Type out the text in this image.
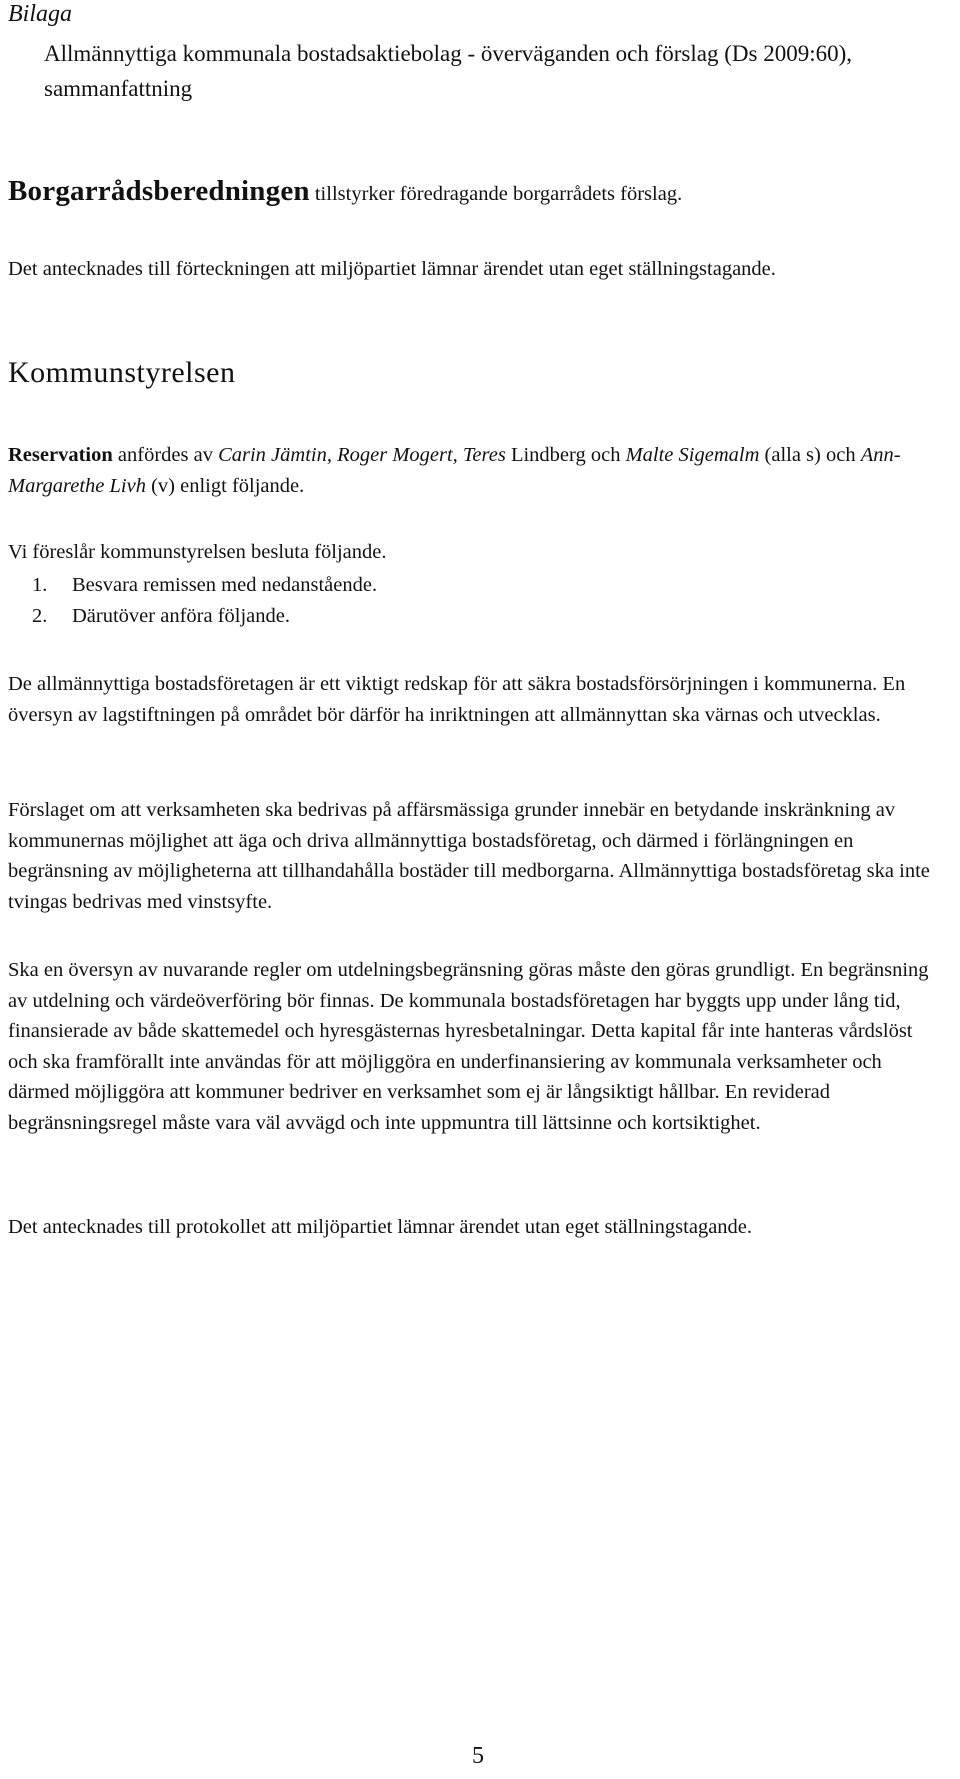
Bilaga
Allmännyttiga kommunala bostadsaktiebolag - överväganden och förslag (Ds 2009:60), sammanfattning

Borgarrådsberedningen tillstyrker föredragande borgarrådets förslag.

Det antecknades till förteckningen att miljöpartiet lämnar ärendet utan eget ställningstagande.

Kommunstyrelsen

Reservation anfördes av Carin Jämtin, Roger Mogert, Teres Lindberg och Malte Sigemalm (alla s) och Ann-Margarethe Livh (v) enligt följande.

Vi föreslår kommunstyrelsen besluta följande.

1. Besvara remissen med nedanstående.
2. Därutöver anföra följande.

De allmännyttiga bostadsföretagen är ett viktigt redskap för att säkra bostadsförsörjningen i kommunerna. En översyn av lagstiftningen på området bör därför ha inriktningen att allmännyttan ska värnas och utvecklas.

Förslaget om att verksamheten ska bedrivas på affärsmässiga grunder innebär en betydande inskränkning av kommunernas möjlighet att äga och driva allmännyttiga bostadsföretag, och därmed i förlängningen en begränsning av möjligheterna att tillhandahålla bostäder till medborgarna. Allmännyttiga bostadsföretag ska inte tvingas bedrivas med vinstsyfte.

Ska en översyn av nuvarande regler om utdelningsbegränsning göras måste den göras grundligt. En begränsning av utdelning och värdeöverföring bör finnas. De kommunala bostadsföretagen har byggts upp under lång tid, finansierade av både skattemedel och hyresgästernas hyresbetalningar. Detta kapital får inte hanteras vårdslöst och ska framförallt inte användas för att möjliggöra en underfinansiering av kommunala verksamheter och därmed möjliggöra att kommuner bedriver en verksamhet som ej är långsiktigt hållbar. En reviderad begränsningsregel måste vara väl avvägd och inte uppmuntra till lättsinne och kortsiktighet.

Det antecknades till protokollet att miljöpartiet lämnar ärendet utan eget ställningstagande.

5
